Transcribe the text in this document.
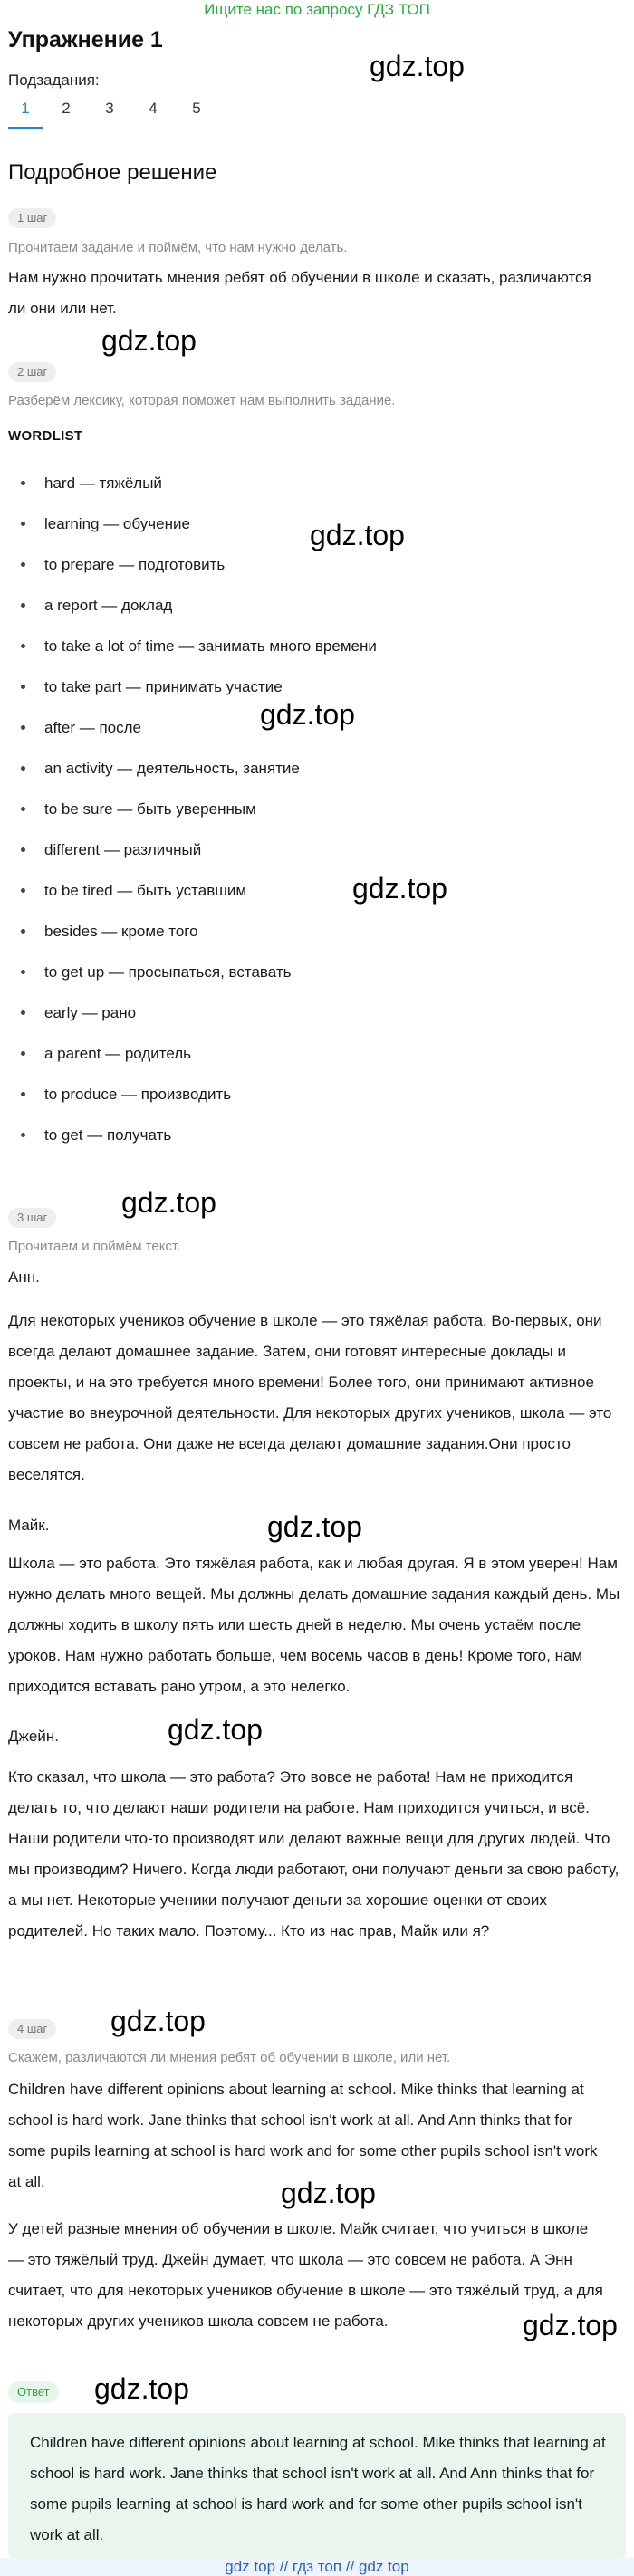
Ищите нас по запросу ГДЗ ТОП
Упражнение 1
Подзадания:
1	2	3	4	5
Подробное решение
1 шаг
Прочитаем задание и поймём, что нам нужно делать.
Нам нужно прочитать мнения ребят об обучении в школе и сказать, различаются ли они или нет.
2 шаг
Разберём лексику, которая поможет нам выполнить задание.
WORDLIST
hard — тяжёлый
learning — обучение
to prepare — подготовить
a report — доклад
to take a lot of time — занимать много времени
to take part — принимать участие
after — после
an activity — деятельность, занятие
to be sure — быть уверенным
different — различный
to be tired — быть уставшим
besides — кроме того
to get up — просыпаться, вставать
early — рано
a parent — родитель
to produce — производить
to get — получать
3 шаг
Прочитаем и поймём текст.
Анн.
Для некоторых учеников обучение в школе — это тяжёлая работа. Во-первых, они всегда делают домашнее задание. Затем, они готовят интересные доклады и проекты, и на это требуется много времени! Более того, они принимают активное участие во внеурочной деятельности. Для некоторых других учеников, школа — это совсем не работа. Они даже не всегда делают домашние задания.Они просто веселятся.
Майк.
Школа — это работа. Это тяжёлая работа, как и любая другая. Я в этом уверен! Нам нужно делать много вещей. Мы должны делать домашние задания каждый день. Мы должны ходить в школу пять или шесть дней в неделю. Мы очень устаём после уроков. Нам нужно работать больше, чем восемь часов в день! Кроме того, нам приходится вставать рано утром, а это нелегко.
Джейн.
Кто сказал, что школа — это работа? Это вовсе не работа! Нам не приходится делать то, что делают наши родители на работе. Нам приходится учиться, и всё. Наши родители что-то производят или делают важные вещи для других людей. Что мы производим? Ничего. Когда люди работают, они получают деньги за свою работу, а мы нет. Некоторые ученики получают деньги за хорошие оценки от своих родителей. Но таких мало. Поэтому... Кто из нас прав, Майк или я?
4 шаг
Скажем, различаются ли мнения ребят об обучении в школе, или нет.
Children have different opinions about learning at school. Mike thinks that learning at school is hard work. Jane thinks that school isn't work at all. And Ann thinks that for some pupils learning at school is hard work and for some other pupils school isn't work at all.
У детей разные мнения об обучении в школе. Майк считает, что учиться в школе — это тяжёлый труд. Джейн думает, что школа — это совсем не работа. А Энн считает, что для некоторых учеников обучение в школе — это тяжёлый труд, а для некоторых других учеников школа совсем не работа.
Ответ
Children have different opinions about learning at school. Mike thinks that learning at school is hard work. Jane thinks that school isn't work at all. And Ann thinks that for some pupils learning at school is hard work and for some other pupils school isn't work at all.
gdz.top
gdz.top
gdz.top
gdz.top
gdz.top
gdz.top
gdz.top
gdz.top
gdz.top
gdz.top
gdz.top
gdz.top
gdz top // гдз топ // gdz top
